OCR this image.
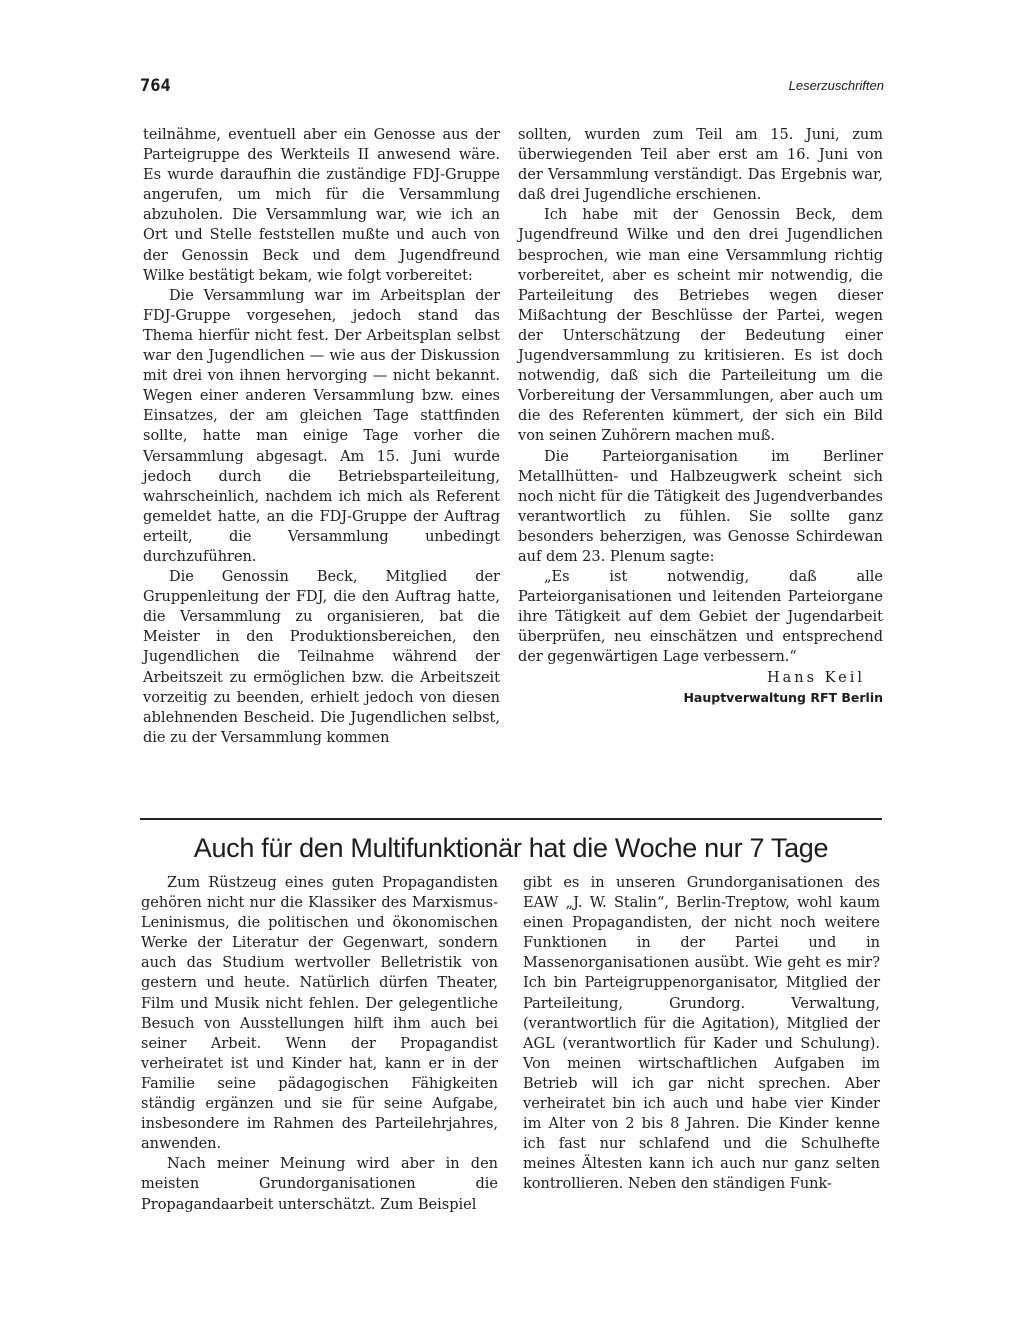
764	Leserzuschriften

teilnähme, eventuell aber ein Genosse aus der Parteigruppe des Werkteils II anwesend wäre. Es wurde daraufhin die zuständige FDJ-Gruppe angerufen, um mich für die Versammlung abzuholen. Die Versammlung war, wie ich an Ort und Stelle feststellen mußte und auch von der Genossin Beck und dem Jugendfreund Wilke bestätigt bekam, wie folgt vorbereitet:

Die Versammlung war im Arbeitsplan der FDJ-Gruppe vorgesehen, jedoch stand das Thema hierfür nicht fest. Der Arbeitsplan selbst war den Jugendlichen — wie aus der Diskussion mit drei von ihnen hervorging — nicht bekannt. Wegen einer anderen Versammlung bzw. eines Einsatzes, der am gleichen Tage stattfinden sollte, hatte man einige Tage vorher die Versammlung abgesagt. Am 15. Juni wurde jedoch durch die Betriebsparteileitung, wahrscheinlich, nachdem ich mich als Referent gemeldet hatte, an die FDJ-Gruppe der Auftrag erteilt, die Versammlung unbedingt durchzuführen.

Die Genossin Beck, Mitglied der Gruppenleitung der FDJ, die den Auftrag hatte, die Versammlung zu organisieren, bat die Meister in den Produktionsbereichen, den Jugendlichen die Teilnahme während der Arbeitszeit zu ermöglichen bzw. die Arbeitszeit vorzeitig zu beenden, erhielt jedoch von diesen ablehnenden Bescheid. Die Jugendlichen selbst, die zu der Versammlung kommen

sollten, wurden zum Teil am 15. Juni, zum überwiegenden Teil aber erst am 16. Juni von der Versammlung verständigt. Das Ergebnis war, daß drei Jugendliche erschienen.

Ich habe mit der Genossin Beck, dem Jugendfreund Wilke und den drei Jugendlichen besprochen, wie man eine Versammlung richtig vorbereitet, aber es scheint mir notwendig, die Parteileitung des Betriebes wegen dieser Mißachtung der Beschlüsse der Partei, wegen der Unterschätzung der Bedeutung einer Jugendversammlung zu kritisieren. Es ist doch notwendig, daß sich die Parteileitung um die Vorbereitung der Versammlungen, aber auch um die des Referenten kümmert, der sich ein Bild von seinen Zuhörern machen muß.

Die Parteiorganisation im Berliner Metallhütten- und Halbzeugwerk scheint sich noch nicht für die Tätigkeit des Jugendverbandes verantwortlich zu fühlen. Sie sollte ganz besonders beherzigen, was Genosse Schirdewan auf dem 23. Plenum sagte:

„Es ist notwendig, daß alle Parteiorganisationen und leitenden Parteiorgane ihre Tätigkeit auf dem Gebiet der Jugendarbeit überprüfen, neu einschätzen und entsprechend der gegenwärtigen Lage verbessern.“

Hans Keil

Hauptverwaltung RFT Berlin

Auch für den Multifunktionär hat die Woche nur 7 Tage

Zum Rüstzeug eines guten Propagandisten gehören nicht nur die Klassiker des Marxismus-Leninismus, die politischen und ökonomischen Werke der Literatur der Gegenwart, sondern auch das Studium wertvoller Belletristik von gestern und heute. Natürlich dürfen Theater, Film und Musik nicht fehlen. Der gelegentliche Besuch von Ausstellungen hilft ihm auch bei seiner Arbeit. Wenn der Propagandist verheiratet ist und Kinder hat, kann er in der Familie seine pädagogischen Fähigkeiten ständig ergänzen und sie für seine Aufgabe, insbesondere im Rahmen des Parteilehrjahres, anwenden.

Nach meiner Meinung wird aber in den meisten Grundorganisationen die Propagandaarbeit unterschätzt. Zum Beispiel

gibt es in unseren Grundorganisationen des EAW „J. W. Stalin“, Berlin-Treptow, wohl kaum einen Propagandisten, der nicht noch weitere Funktionen in der Partei und in Massenorganisationen ausübt. Wie geht es mir? Ich bin Parteigruppenorganisator, Mitglied der Parteileitung, Grundorg. Verwaltung, (verantwortlich für die Agitation), Mitglied der AGL (verantwortlich für Kader und Schulung). Von meinen wirtschaftlichen Aufgaben im Betrieb will ich gar nicht sprechen. Aber verheiratet bin ich auch und habe vier Kinder im Alter von 2 bis 8 Jahren. Die Kinder kenne ich fast nur schlafend und die Schulhefte meines Ältesten kann ich auch nur ganz selten kontrollieren. Neben den ständigen Funk-
